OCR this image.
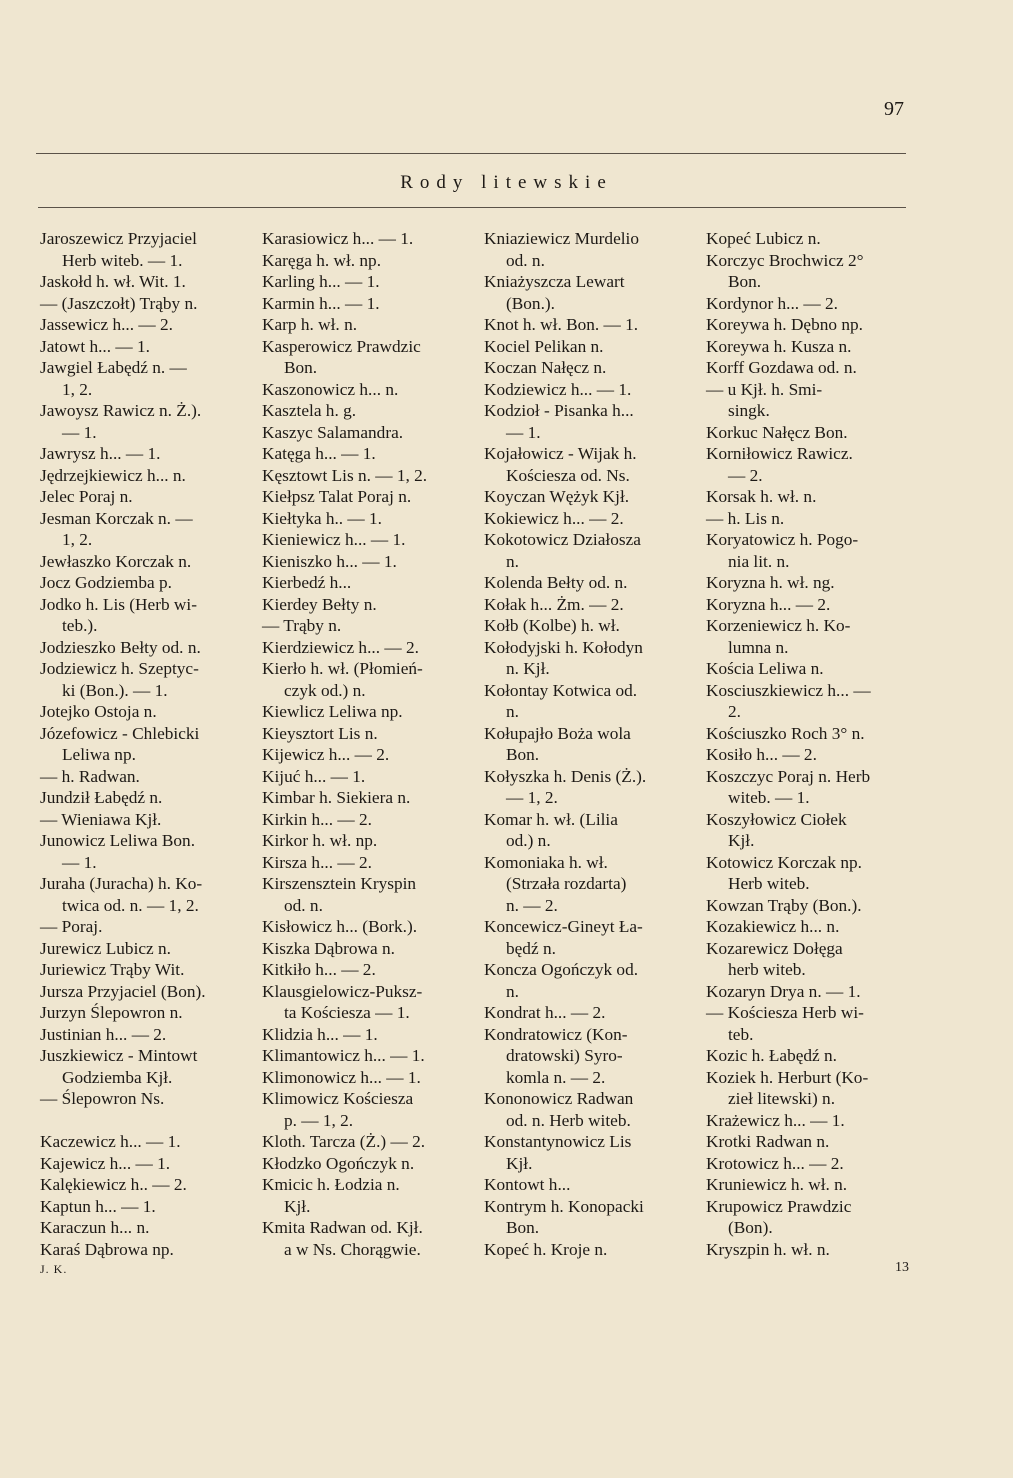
97
Rody litewskie
Jaroszewicz Przyjaciel
Herb witeb. — 1.
Jaskołd h. wł. Wit. 1.
— (Jaszczołt) Trąby n.
Jassewicz h... — 2.
Jatowt h... — 1.
Jawgiel Łabędź n. —
1, 2.
Jawoysz Rawicz n. Ż.).
— 1.
Jawrysz h... — 1.
Jędrzejkiewicz h... n.
Jelec Poraj n.
Jesman Korczak n. —
1, 2.
Jewłaszko Korczak n.
Jocz Godziemba p.
Jodko h. Lis (Herb wi-
teb.).
Jodzieszko Bełty od. n.
Jodziewicz h. Szeptyc-
ki (Bon.). — 1.
Jotejko Ostoja n.
Józefowicz - Chlebicki
Leliwa np.
— h. Radwan.
Jundził Łabędź n.
— Wieniawa Kjł.
Junowicz Leliwa Bon.
— 1.
Juraha (Juracha) h. Ko-
twica od. n. — 1, 2.
— Poraj.
Jurewicz Lubicz n.
Juriewicz Trąby Wit.
Jursza Przyjaciel (Bon).
Jurzyn Ślepowron n.
Justinian h... — 2.
Juszkiewicz - Mintowt
Godziemba Kjł.
— Ślepowron Ns.
Kaczewicz h... — 1.
Kajewicz h... — 1.
Kalękiewicz h.. — 2.
Kaptun h... — 1.
Karaczun h... n.
Karaś Dąbrowa np.
Karasiowicz h... — 1.
Karęga h. wł. np.
Karling h... — 1.
Karmin h... — 1.
Karp h. wł. n.
Kasperowicz Prawdzic
Bon.
Kaszonowicz h... n.
Kasztela h. g.
Kaszyc Salamandra.
Katęga h... — 1.
Kęsztowt Lis n. — 1, 2.
Kiełpsz Talat Poraj n.
Kiełtyka h.. — 1.
Kieniewicz h... — 1.
Kieniszko h... — 1.
Kierbedź h...
Kierdey Bełty n.
— Trąby n.
Kierdziewicz h... — 2.
Kierło h. wł. (Płomień-
czyk od.) n.
Kiewlicz Leliwa np.
Kieysztort Lis n.
Kijewicz h... — 2.
Kijuć h... — 1.
Kimbar h. Siekiera n.
Kirkin h... — 2.
Kirkor h. wł. np.
Kirsza h... — 2.
Kirszensztein Kryspin
od. n.
Kisłowicz h... (Bork.).
Kiszka Dąbrowa n.
Kitkiło h... — 2.
Klausgielowicz-Puksz-
ta Kościesza — 1.
Klidzia h... — 1.
Klimantowicz h... — 1.
Klimonowicz h... — 1.
Klimowicz Kościesza
p. — 1, 2.
Kloth. Tarcza (Ż.) — 2.
Kłodzko Ogończyk n.
Kmicic h. Łodzia n.
Kjł.
Kmita Radwan od. Kjł.
a w Ns. Chorągwie.
Kniaziewicz Murdelio
od. n.
Kniażyszcza Lewart
(Bon.).
Knot h. wł. Bon. — 1.
Kociel Pelikan n.
Koczan Nałęcz n.
Kodziewicz h... — 1.
Kodzioł - Pisanka h...
— 1.
Kojałowicz - Wijak h.
Kościesza od. Ns.
Koyczan Wężyk Kjł.
Kokiewicz h... — 2.
Kokotowicz Działosza
n.
Kolenda Bełty od. n.
Kołak h... Żm. — 2.
Kołb (Kolbe) h. wł.
Kołodyjski h. Kołodyn
n. Kjł.
Kołontay Kotwica od.
n.
Kołupajło Boża wola
Bon.
Kołyszka h. Denis (Ż.).
— 1, 2.
Komar h. wł. (Lilia
od.) n.
Komoniaka h. wł.
(Strzała rozdarta)
n. — 2.
Koncewicz-Gineyt Ła-
będź n.
Koncza Ogończyk od.
n.
Kondrat h... — 2.
Kondratowicz (Kon-
dratowski) Syro-
komla n. — 2.
Kononowicz Radwan
od. n. Herb witeb.
Konstantynowicz Lis
Kjł.
Kontowt h...
Kontrym h. Konopacki
Bon.
Kopeć h. Kroje n.
Kopeć Lubicz n.
Korczyc Brochwicz 2°
Bon.
Kordynor h... — 2.
Koreywa h. Dębno np.
Koreywa h. Kusza n.
Korff Gozdawa od. n.
— u Kjł. h. Smi-
singk.
Korkuc Nałęcz Bon.
Korniłowicz Rawicz.
— 2.
Korsak h. wł. n.
— h. Lis n.
Koryatowicz h. Pogo-
nia lit. n.
Koryzna h. wł. ng.
Koryzna h... — 2.
Korzeniewicz h. Ko-
lumna n.
Kościa Leliwa n.
Kosciuszkiewicz h... —
2.
Kościuszko Roch 3° n.
Kosiło h... — 2.
Koszczyc Poraj n. Herb
witeb. — 1.
Koszyłowicz Ciołek
Kjł.
Kotowicz Korczak np.
Herb witeb.
Kowzan Trąby (Bon.).
Kozakiewicz h... n.
Kozarewicz Dołęga
herb witeb.
Kozaryn Drya n. — 1.
— Kościesza Herb wi-
teb.
Kozic h. Łabędź n.
Koziek h. Herburt (Ko-
zieł litewski) n.
Krażewicz h... — 1.
Krotki Radwan n.
Krotowicz h... — 2.
Kruniewicz h. wł. n.
Krupowicz Prawdzic
(Bon).
Kryszpin h. wł. n.
J. K.	13
